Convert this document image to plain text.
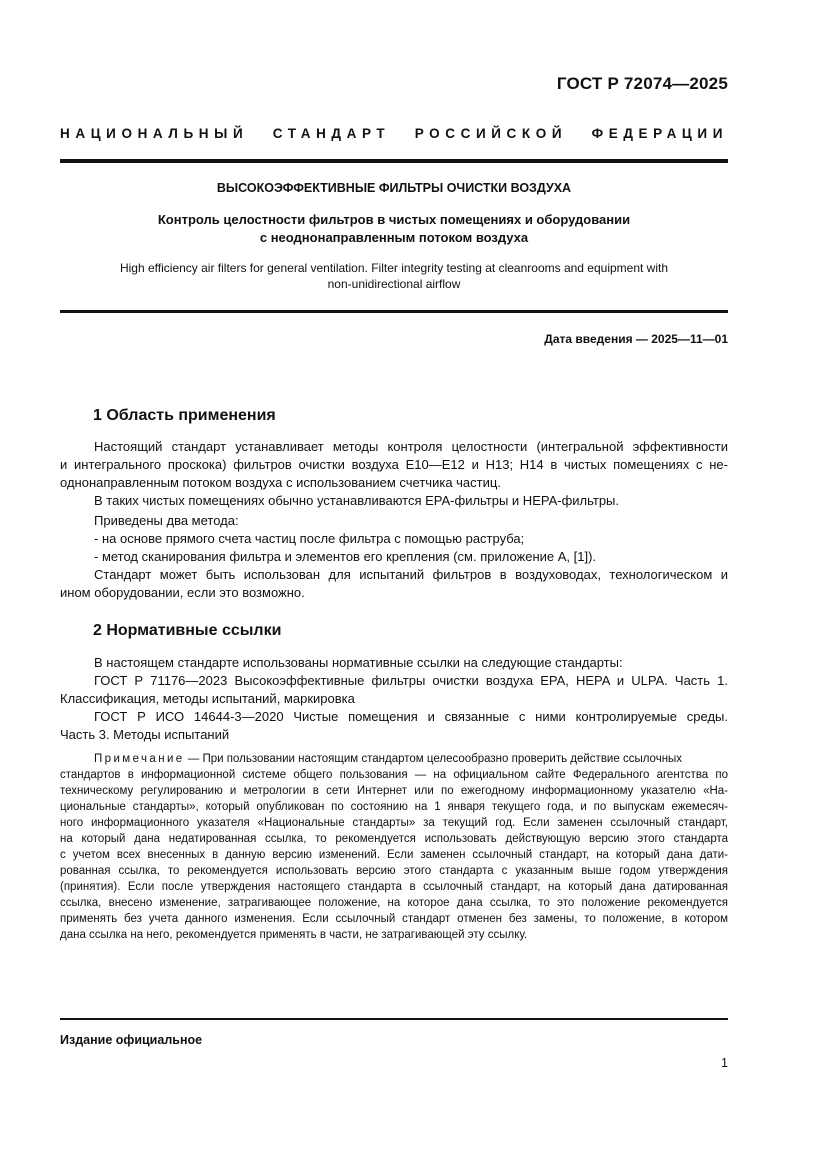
ГОСТ Р 72074—2025
НАЦИОНАЛЬНЫЙ СТАНДАРТ РОССИЙСКОЙ ФЕДЕРАЦИИ
ВЫСОКОЭФФЕКТИВНЫЕ ФИЛЬТРЫ ОЧИСТКИ ВОЗДУХА
Контроль целостности фильтров в чистых помещениях и оборудовании
с неоднонаправленным потоком воздуха
High efficiency air filters for general ventilation. Filter integrity testing at cleanrooms and equipment with
non-unidirectional airflow
Дата введения — 2025—11—01
1 Область применения
Настоящий стандарт устанавливает методы контроля целостности (интегральной эффективности
и интегрального проскока) фильтров очистки воздуха E10—E12 и H13; H14 в чистых помещениях с не-
однонаправленным потоком воздуха с использованием счетчика частиц.
В таких чистых помещениях обычно устанавливаются EPA-фильтры и HEPA-фильтры.
Приведены два метода:
- на основе прямого счета частиц после фильтра с помощью раструба;
- метод сканирования фильтра и элементов его крепления (см. приложение А, [1]).
Стандарт может быть использован для испытаний фильтров в воздуховодах, технологическом и
ином оборудовании, если это возможно.
2 Нормативные ссылки
В настоящем стандарте использованы нормативные ссылки на следующие стандарты:
ГОСТ Р 71176—2023 Высокоэффективные фильтры очистки воздуха EPA, HEPA и ULPA. Часть 1.
Классификация, методы испытаний, маркировка
ГОСТ Р ИСО 14644-3—2020 Чистые помещения и связанные с ними контролируемые среды.
Часть 3. Методы испытаний
Примечание — При пользовании настоящим стандартом целесообразно проверить действие ссылочных
стандартов в информационной системе общего пользования — на официальном сайте Федерального агентства по
техническому регулированию и метрологии в сети Интернет или по ежегодному информационному указателю «На-
циональные стандарты», который опубликован по состоянию на 1 января текущего года, и по выпускам ежемесяч-
ного информационного указателя «Национальные стандарты» за текущий год. Если заменен ссылочный стандарт,
на который дана недатированная ссылка, то рекомендуется использовать действующую версию этого стандарта
с учетом всех внесенных в данную версию изменений. Если заменен ссылочный стандарт, на который дана дати-
рованная ссылка, то рекомендуется использовать версию этого стандарта с указанным выше годом утверждения
(принятия). Если после утверждения настоящего стандарта в ссылочный стандарт, на который дана датированная
ссылка, внесено изменение, затрагивающее положение, на которое дана ссылка, то это положение рекомендуется
применять без учета данного изменения. Если ссылочный стандарт отменен без замены, то положение, в котором
дана ссылка на него, рекомендуется применять в части, не затрагивающей эту ссылку.
Издание официальное
1
